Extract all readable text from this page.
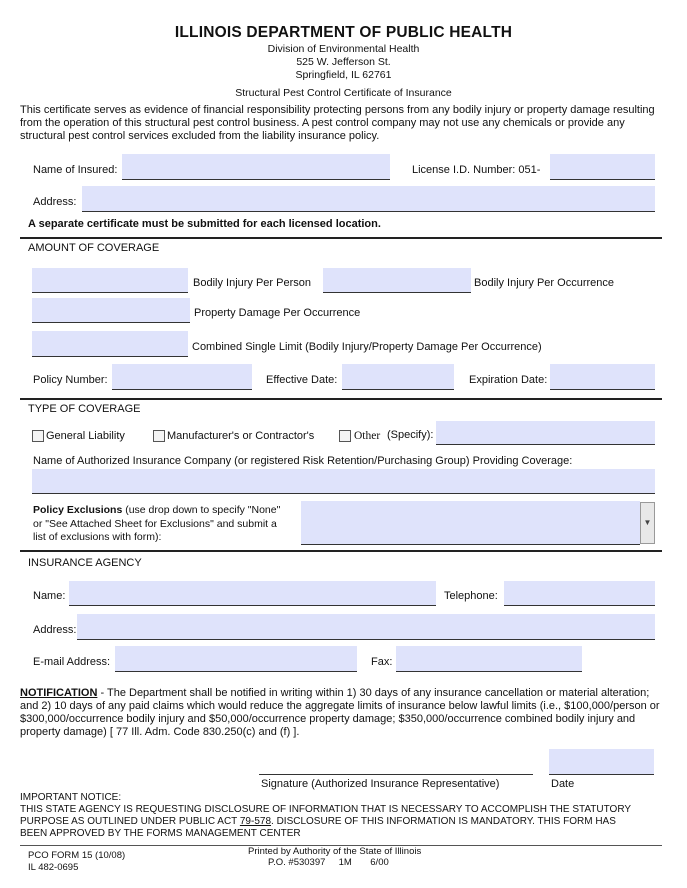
ILLINOIS DEPARTMENT OF PUBLIC HEALTH
Division of Environmental Health
525 W. Jefferson St.
Springfield, IL 62761
Structural Pest Control Certificate of Insurance
This certificate serves as evidence of financial responsibility protecting persons from any bodily injury or property damage resulting from the operation of this structural pest control business. A pest control company may not use any chemicals or provide any structural pest control services excluded from the liability insurance policy.
Name of Insured:	License I.D. Number: 051-
Address:
A separate certificate must be submitted for each licensed location.
AMOUNT OF COVERAGE
Bodily Injury Per Person	Bodily Injury Per Occurrence
Property Damage Per Occurrence
Combined Single Limit (Bodily Injury/Property Damage Per Occurrence)
Policy Number:	Effective Date:	Expiration Date:
TYPE OF COVERAGE
General Liability	Manufacturer's or Contractor's	Other (Specify):
Name of Authorized Insurance Company (or registered Risk Retention/Purchasing Group) Providing Coverage:
Policy Exclusions (use drop down to specify "None"
or "See Attached Sheet for Exclusions" and submit a
list of exclusions with form):
▼
INSURANCE AGENCY
Name:	Telephone:
Address:
E-mail Address:	Fax:
NOTIFICATION - The Department shall be notified in writing within 1) 30 days of any insurance cancellation or material alteration; and 2) 10 days of any paid claims which would reduce the aggregate limits of insurance below lawful limits (i.e., $100,000/person or $300,000/occurrence bodily injury and $50,000/occurrence property damage; $350,000/occurrence combined bodily injury and property damage) [ 77 Ill. Adm. Code 830.250(c) and (f) ].
Signature (Authorized Insurance Representative)	Date
IMPORTANT NOTICE:
THIS STATE AGENCY IS REQUESTING DISCLOSURE OF INFORMATION THAT IS NECESSARY TO ACCOMPLISH THE STATUTORY
PURPOSE AS OUTLINED UNDER PUBLIC ACT 79-578. DISCLOSURE OF THIS INFORMATION IS MANDATORY. THIS FORM HAS
BEEN APPROVED BY THE FORMS MANAGEMENT CENTER
PCO FORM 15 (10/08)
IL 482-0695
Printed by Authority of the State of Illinois
P.O. #530397     1M       6/00
